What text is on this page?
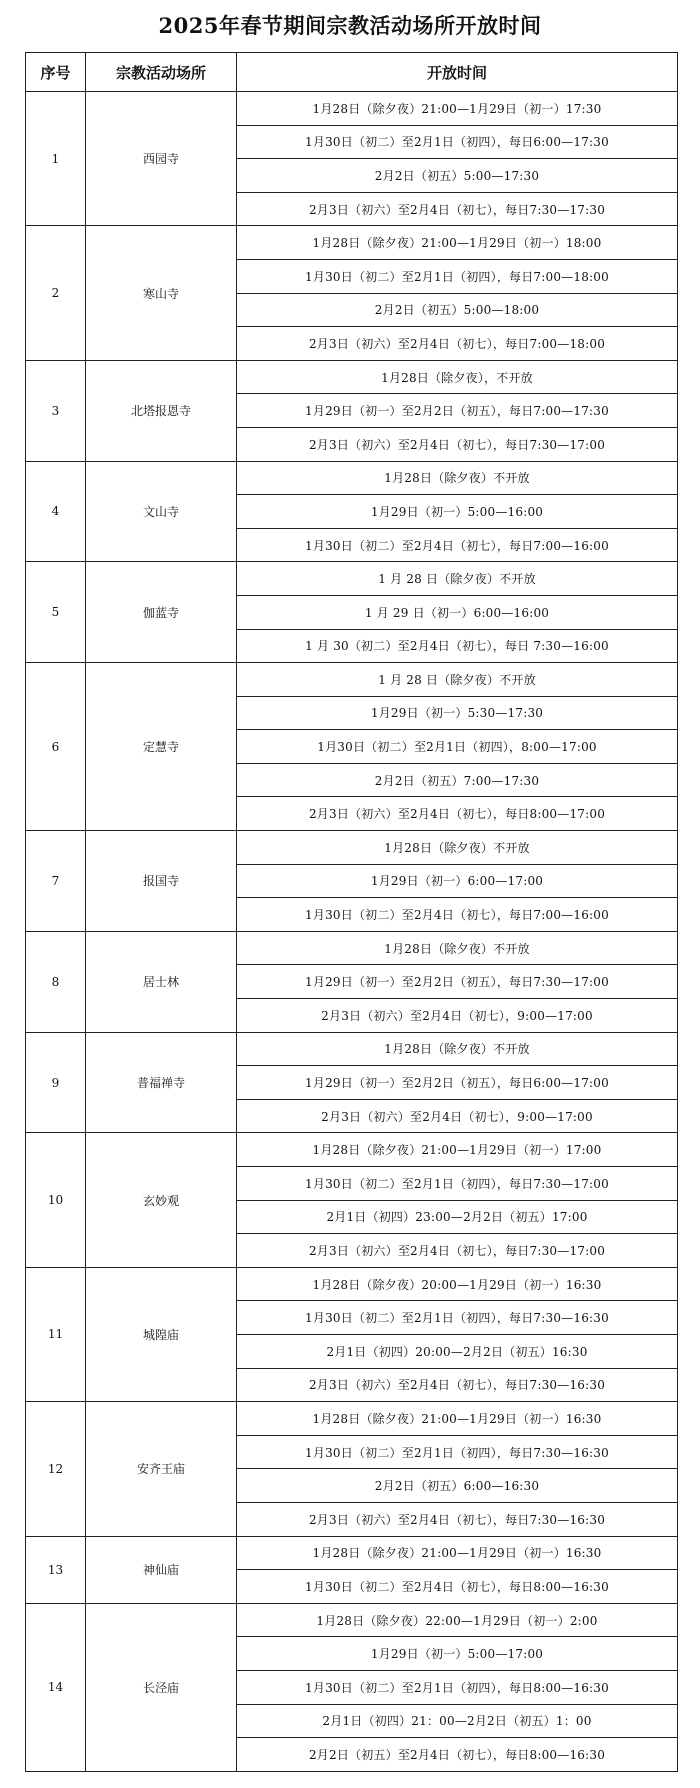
2025年春节期间宗教活动场所开放时间
序号	宗教活动场所	开放时间
1	西园寺	1月28日（除夕夜）21:00—1月29日（初一）17:30
		1月30日（初二）至2月1日（初四），每日6:00—17:30
		2月2日（初五）5:00—17:30
		2月3日（初六）至2月4日（初七），每日7:30—17:30
2	寒山寺	1月28日（除夕夜）21:00—1月29日（初一）18:00
		1月30日（初二）至2月1日（初四），每日7:00—18:00
		2月2日（初五）5:00—18:00
		2月3日（初六）至2月4日（初七），每日7:00—18:00
3	北塔报恩寺	1月28日（除夕夜），不开放
		1月29日（初一）至2月2日（初五），每日7:00—17:30
		2月3日（初六）至2月4日（初七），每日7:30—17:00
4	文山寺	1月28日（除夕夜）不开放
		1月29日（初一）5:00—16:00
		1月30日（初二）至2月4日（初七），每日7:00—16:00
5	伽蓝寺	1 月 28 日（除夕夜）不开放
		1 月 29 日（初一）6:00—16:00
		1 月 30（初二）至2月4日（初七），每日 7:30—16:00
6	定慧寺	1 月 28 日（除夕夜）不开放
		1月29日（初一）5:30—17:30
		1月30日（初二）至2月1日（初四），8:00—17:00
		2月2日（初五）7:00—17:30
		2月3日（初六）至2月4日（初七），每日8:00—17:00
7	报国寺	1月28日（除夕夜）不开放
		1月29日（初一）6:00—17:00
		1月30日（初二）至2月4日（初七），每日7:00—16:00
8	居士林	1月28日（除夕夜）不开放
		1月29日（初一）至2月2日（初五），每日7:30—17:00
		2月3日（初六）至2月4日（初七），9:00—17:00
9	普福禅寺	1月28日（除夕夜）不开放
		1月29日（初一）至2月2日（初五），每日6:00—17:00
		2月3日（初六）至2月4日（初七），9:00—17:00
10	玄妙观	1月28日（除夕夜）21:00—1月29日（初一）17:00
		1月30日（初二）至2月1日（初四），每日7:30—17:00
		2月1日（初四）23:00—2月2日（初五）17:00
		2月3日（初六）至2月4日（初七），每日7:30—17:00
11	城隍庙	1月28日（除夕夜）20:00—1月29日（初一）16:30
		1月30日（初二）至2月1日（初四），每日7:30—16:30
		2月1日（初四）20:00—2月2日（初五）16:30
		2月3日（初六）至2月4日（初七），每日7:30—16:30
12	安齐王庙	1月28日（除夕夜）21:00—1月29日（初一）16:30
		1月30日（初二）至2月1日（初四），每日7:30—16:30
		2月2日（初五）6:00—16:30
		2月3日（初六）至2月4日（初七），每日7:30—16:30
13	神仙庙	1月28日（除夕夜）21:00—1月29日（初一）16:30
		1月30日（初二）至2月4日（初七），每日8:00—16:30
14	长泾庙	1月28日（除夕夜）22:00—1月29日（初一）2:00
		1月29日（初一）5:00—17:00
		1月30日（初二）至2月1日（初四），每日8:00—16:30
		2月1日（初四）21：00—2月2日（初五）1：00
		2月2日（初五）至2月4日（初七），每日8:00—16:30
